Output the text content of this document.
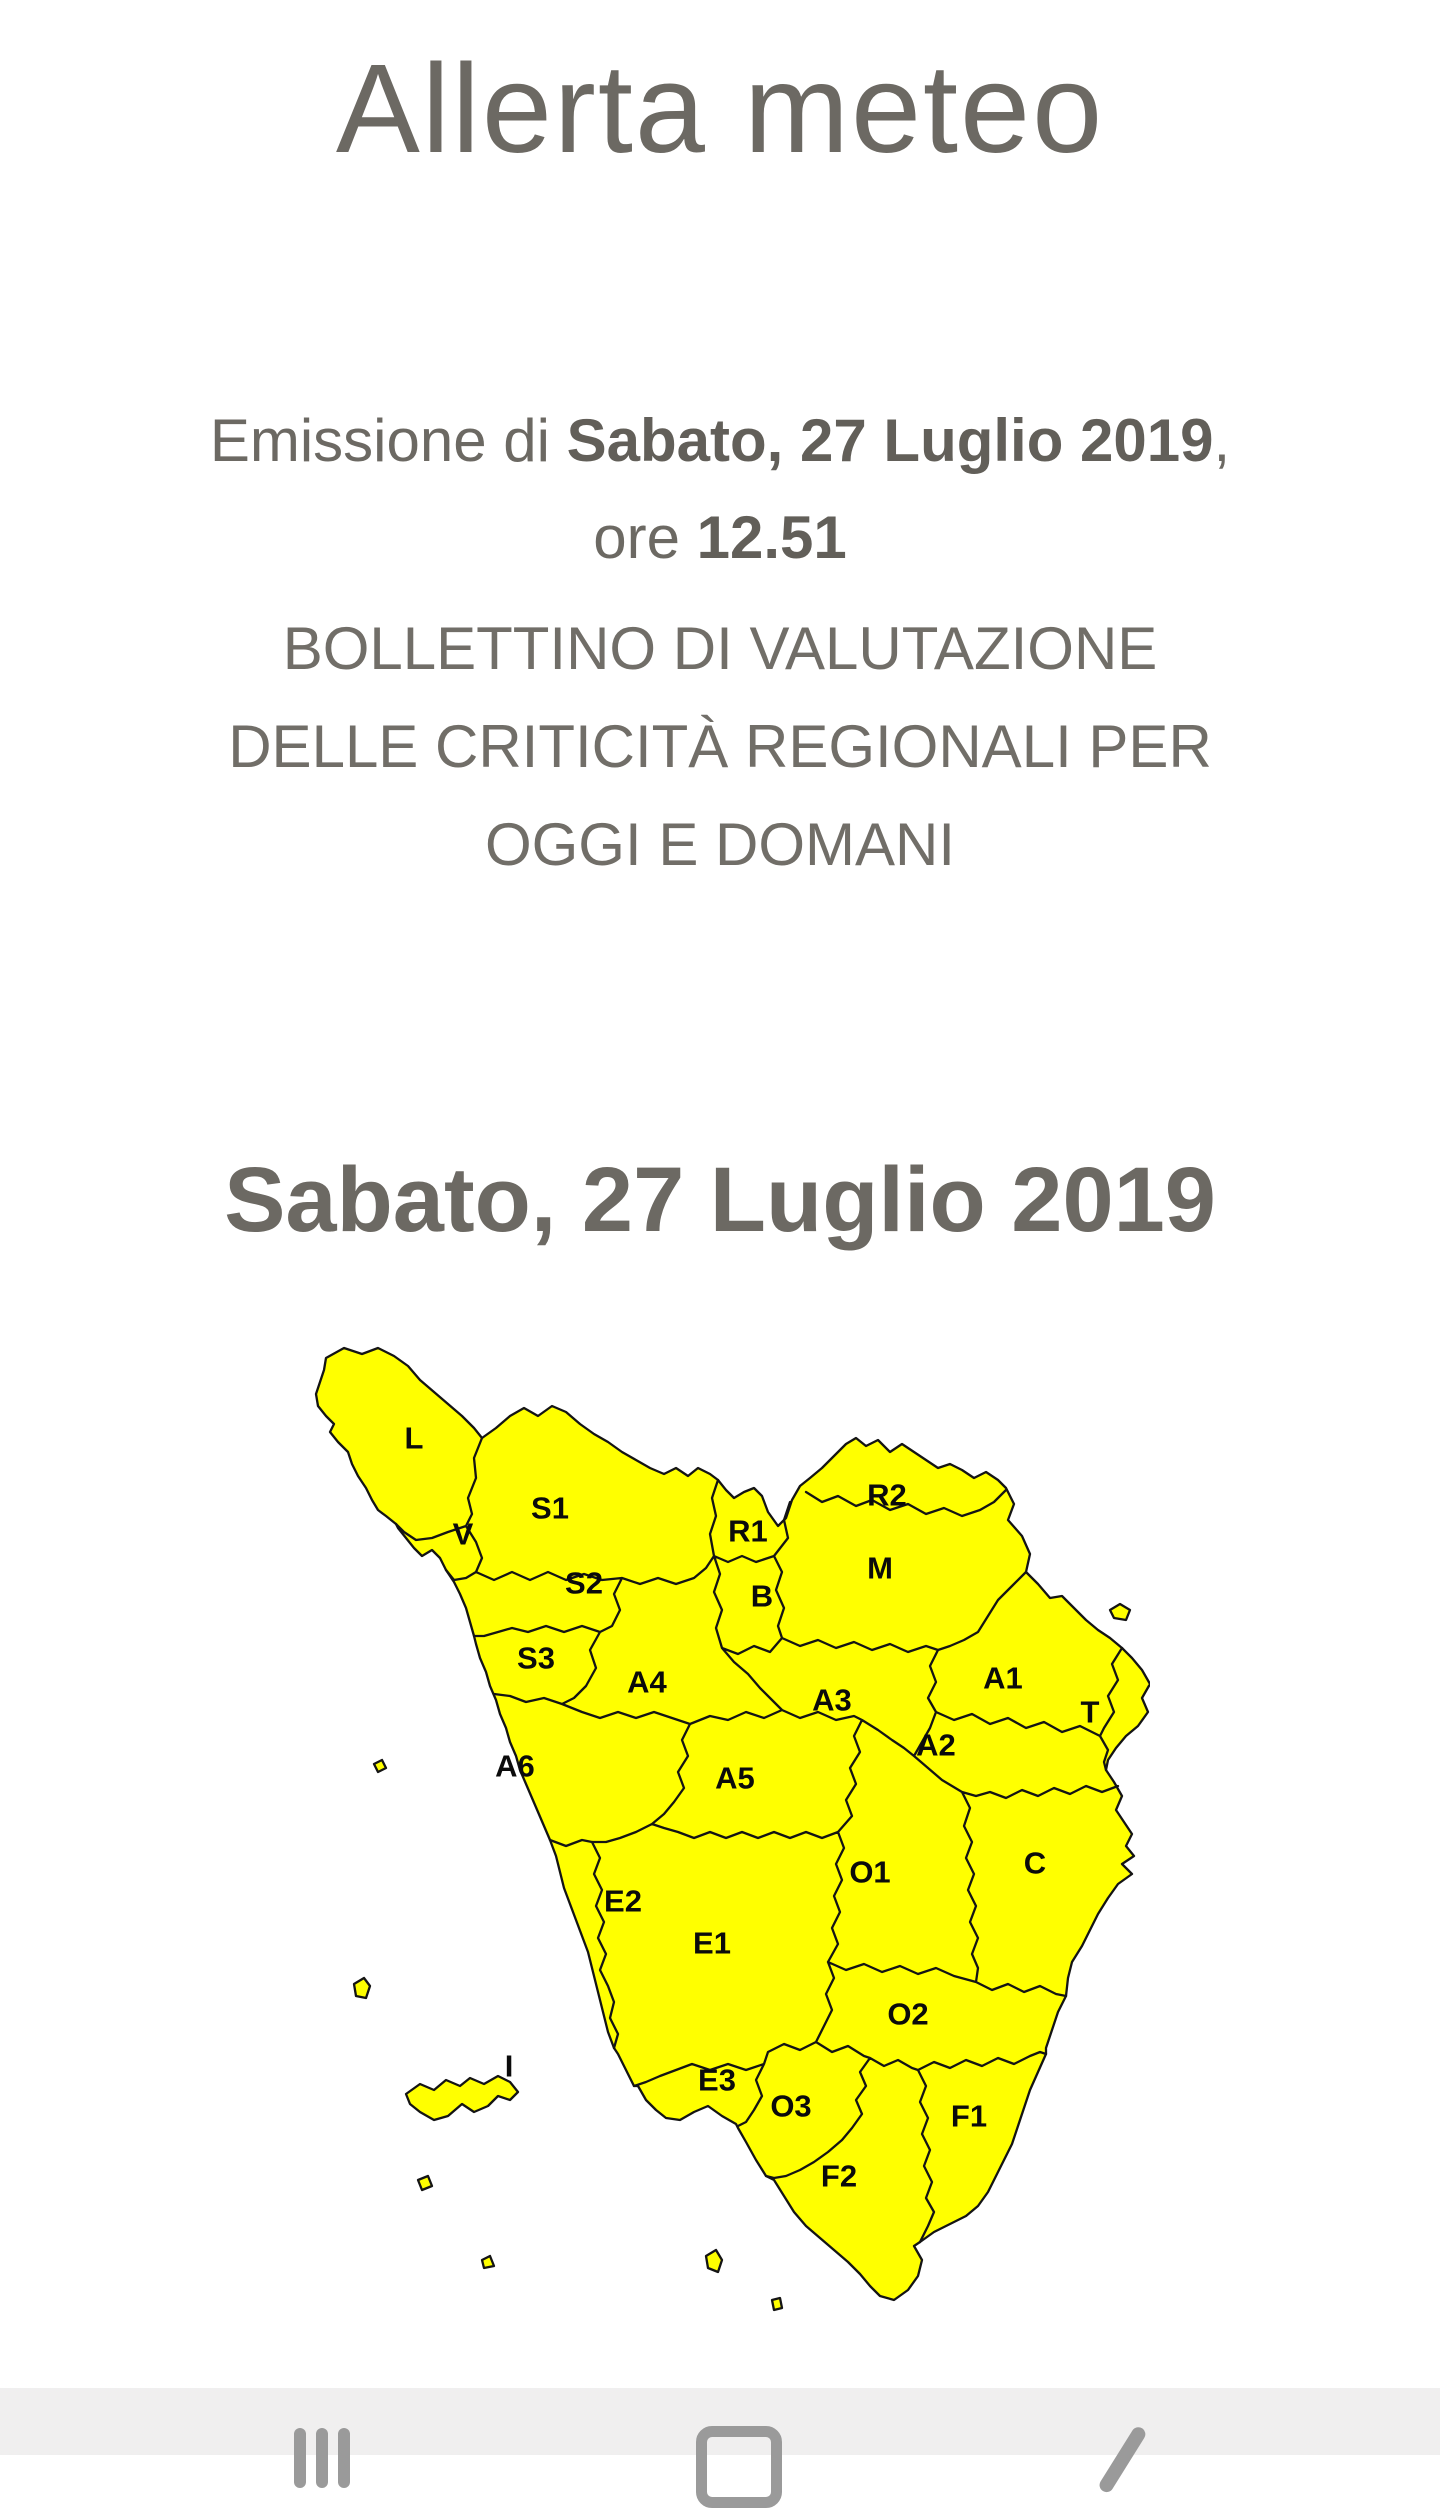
Allerta meteo
Emissione di Sabato, 27 Luglio 2019,
ore 12.51
BOLLETTINO DI VALUTAZIONE
DELLE CRITICITÀ REGIONALI PER
OGGI E DOMANI
Sabato, 27 Luglio 2019
L
S1
V	R1
R2
M
S2	B
S3
A4
A3
A1
T
A2
A6	A5
O1	C
E2
E1
O2
I	E3
O3	F1
F2
